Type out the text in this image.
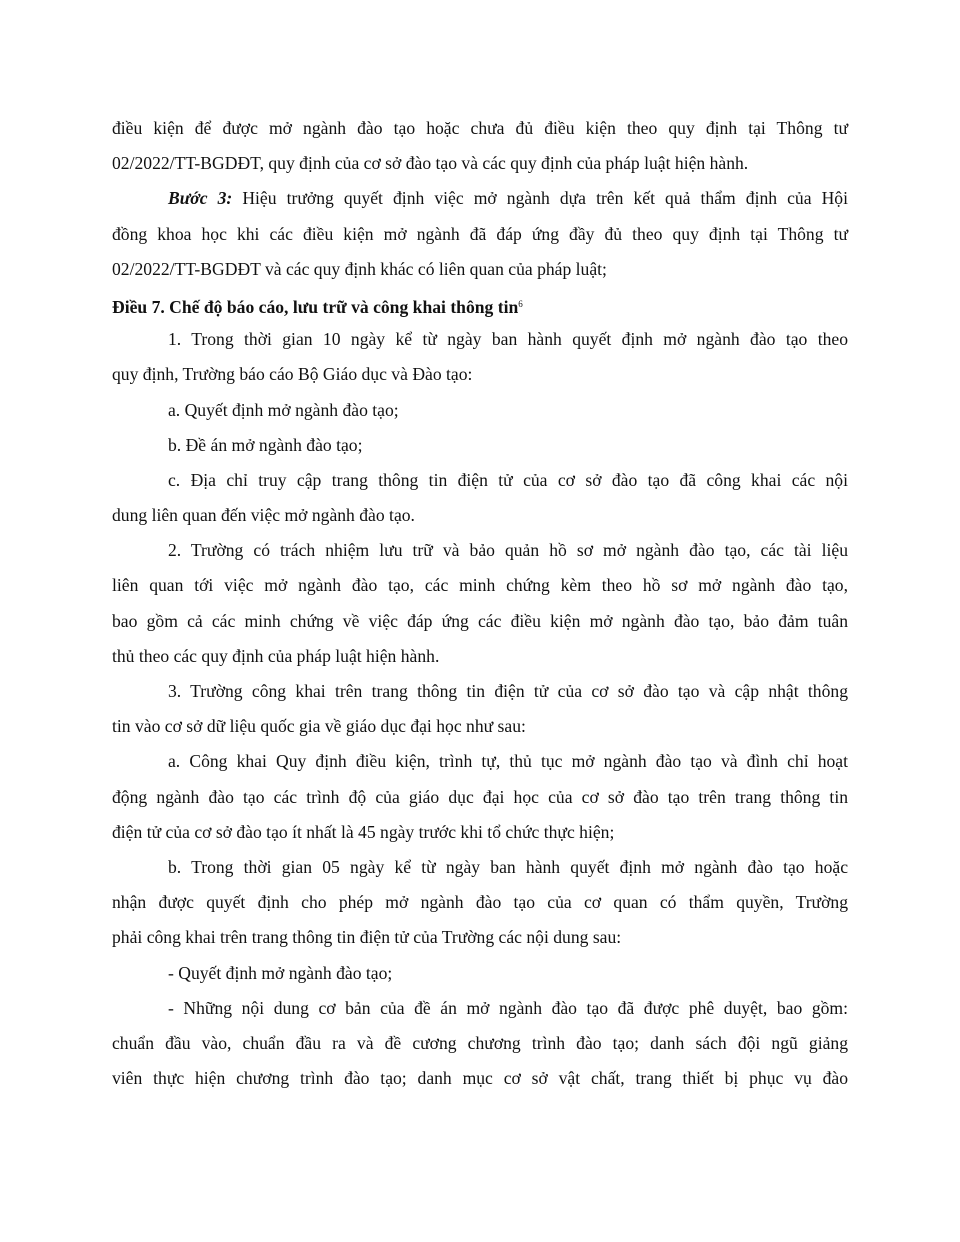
điều kiện để được mở ngành đào tạo hoặc chưa đủ điều kiện theo quy định tại Thông tư
02/2022/TT-BGDĐT, quy định của cơ sở đào tạo và các quy định của pháp luật hiện hành.
Bước 3: Hiệu trưởng quyết định việc mở ngành dựa trên kết quả thẩm định của Hội
đồng khoa học khi các điều kiện mở ngành đã đáp ứng đầy đủ theo quy định tại Thông tư
02/2022/TT-BGDĐT và các quy định khác có liên quan của pháp luật;
Điều 7. Chế độ báo cáo, lưu trữ và công khai thông tin$^6$
1. Trong thời gian 10 ngày kể từ ngày ban hành quyết định mở ngành đào tạo theo
quy định, Trường báo cáo Bộ Giáo dục và Đào tạo:
a. Quyết định mở ngành đào tạo;
b. Đề án mở ngành đào tạo;
c. Địa chỉ truy cập trang thông tin điện tử của cơ sở đào tạo đã công khai các nội
dung liên quan đến việc mở ngành đào tạo.
2. Trường có trách nhiệm lưu trữ và bảo quản hồ sơ mở ngành đào tạo, các tài liệu
liên quan tới việc mở ngành đào tạo, các minh chứng kèm theo hồ sơ mở ngành đào tạo,
bao gồm cả các minh chứng về việc đáp ứng các điều kiện mở ngành đào tạo, bảo đảm tuân
thủ theo các quy định của pháp luật hiện hành.
3. Trường công khai trên trang thông tin điện tử của cơ sở đào tạo và cập nhật thông
tin vào cơ sở dữ liệu quốc gia về giáo dục đại học như sau:
a. Công khai Quy định điều kiện, trình tự, thủ tục mở ngành đào tạo và đình chỉ hoạt
động ngành đào tạo các trình độ của giáo dục đại học của cơ sở đào tạo trên trang thông tin
điện tử của cơ sở đào tạo ít nhất là 45 ngày trước khi tổ chức thực hiện;
b. Trong thời gian 05 ngày kể từ ngày ban hành quyết định mở ngành đào tạo hoặc
nhận được quyết định cho phép mở ngành đào tạo của cơ quan có thẩm quyền, Trường
phải công khai trên trang thông tin điện tử của Trường các nội dung sau:
- Quyết định mở ngành đào tạo;
- Những nội dung cơ bản của đề án mở ngành đào tạo đã được phê duyệt, bao gồm:
chuẩn đầu vào, chuẩn đầu ra và đề cương chương trình đào tạo; danh sách đội ngũ giảng
viên thực hiện chương trình đào tạo; danh mục cơ sở vật chất, trang thiết bị phục vụ đào
